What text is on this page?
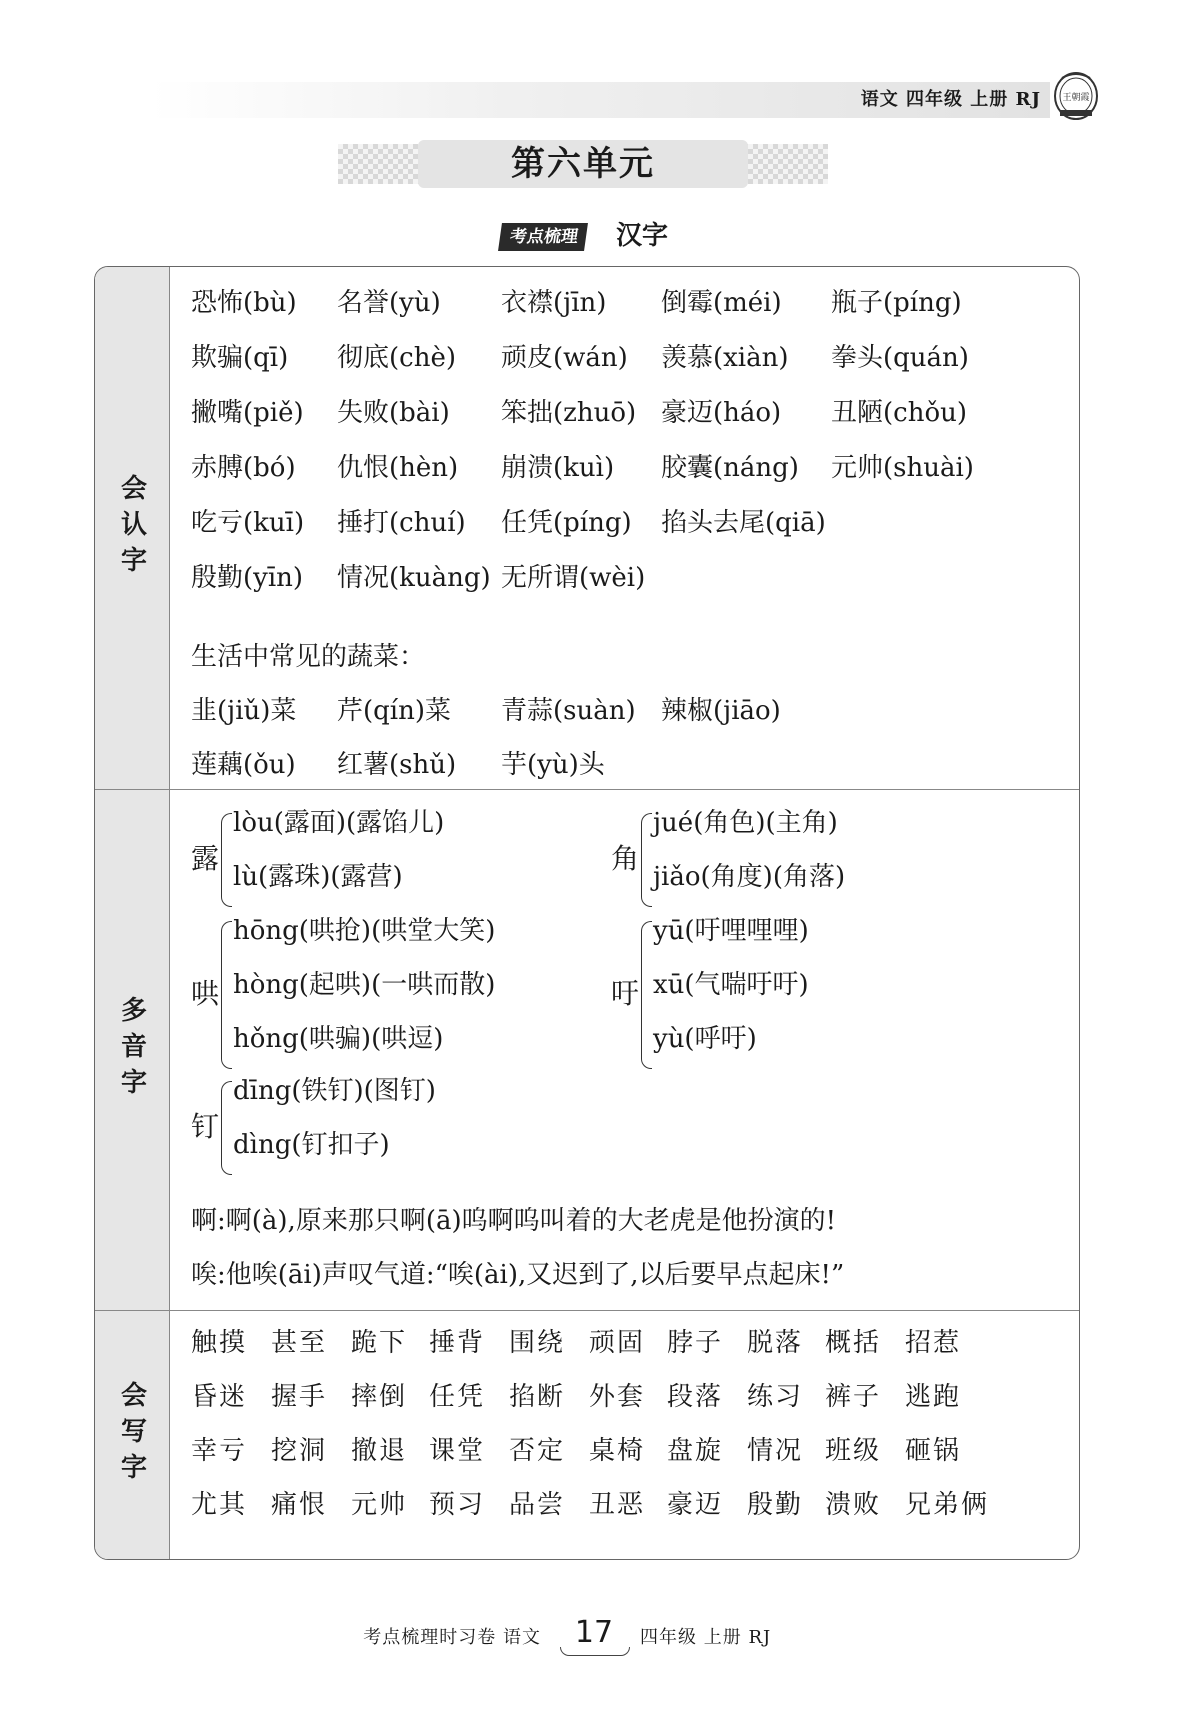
语文 四年级 上册 RJ 王朝霞
第六单元
考点梳理	汉字
会认字
多音字
会写字
生活中常见的蔬菜：
啊:啊(à),原来那只啊(ā)呜啊呜叫着的大老虎是他扮演的!
唉:他唉(āi)声叹气道:“唉(ài),又迟到了,以后要早点起床!”
恐怖(bù) 名誉(yù) 衣襟(jīn) 倒霉(méi) 瓶子(píng)
欺骗(qī) 彻底(chè) 顽皮(wán) 羡慕(xiàn) 拳头(quán)
撇嘴(piě) 失败(bài) 笨拙(zhuō) 豪迈(háo) 丑陋(chǒu)
赤膊(bó) 仇恨(hèn) 崩溃(kuì) 胶囊(náng) 元帅(shuài)
吃亏(kuī) 捶打(chuí) 任凭(píng) 掐头去尾(qiā)
殷勤(yīn) 情况(kuàng) 无所谓(wèi)
韭(jiǔ)菜 芹(qín)菜 青蒜(suàn) 辣椒(jiāo)
莲藕(ǒu) 红薯(shǔ) 芋(yù)头
露
lòu(露面)(露馅儿)
lù(露珠)(露营)
角
jué(角色)(主角)
jiǎo(角度)(角落)
哄
hōng(哄抢)(哄堂大笑)
hòng(起哄)(一哄而散)
hǒng(哄骗)(哄逗)
吁
yū(吁哩哩哩)
xū(气喘吁吁)
yù(呼吁)
钉
dīng(铁钉)(图钉)
dìng(钉扣子)
触摸 甚至 跪下 捶背 围绕 顽固 脖子 脱落 概括 招惹
昏迷 握手 摔倒 任凭 掐断 外套 段落 练习 裤子 逃跑
幸亏 挖洞 撤退 课堂 否定 桌椅 盘旋 情况 班级 砸锅
尤其 痛恨 元帅 预习 品尝 丑恶 豪迈 殷勤 溃败 兄弟俩
考点梳理时习卷 语文 17	四年级 上册 RJ
